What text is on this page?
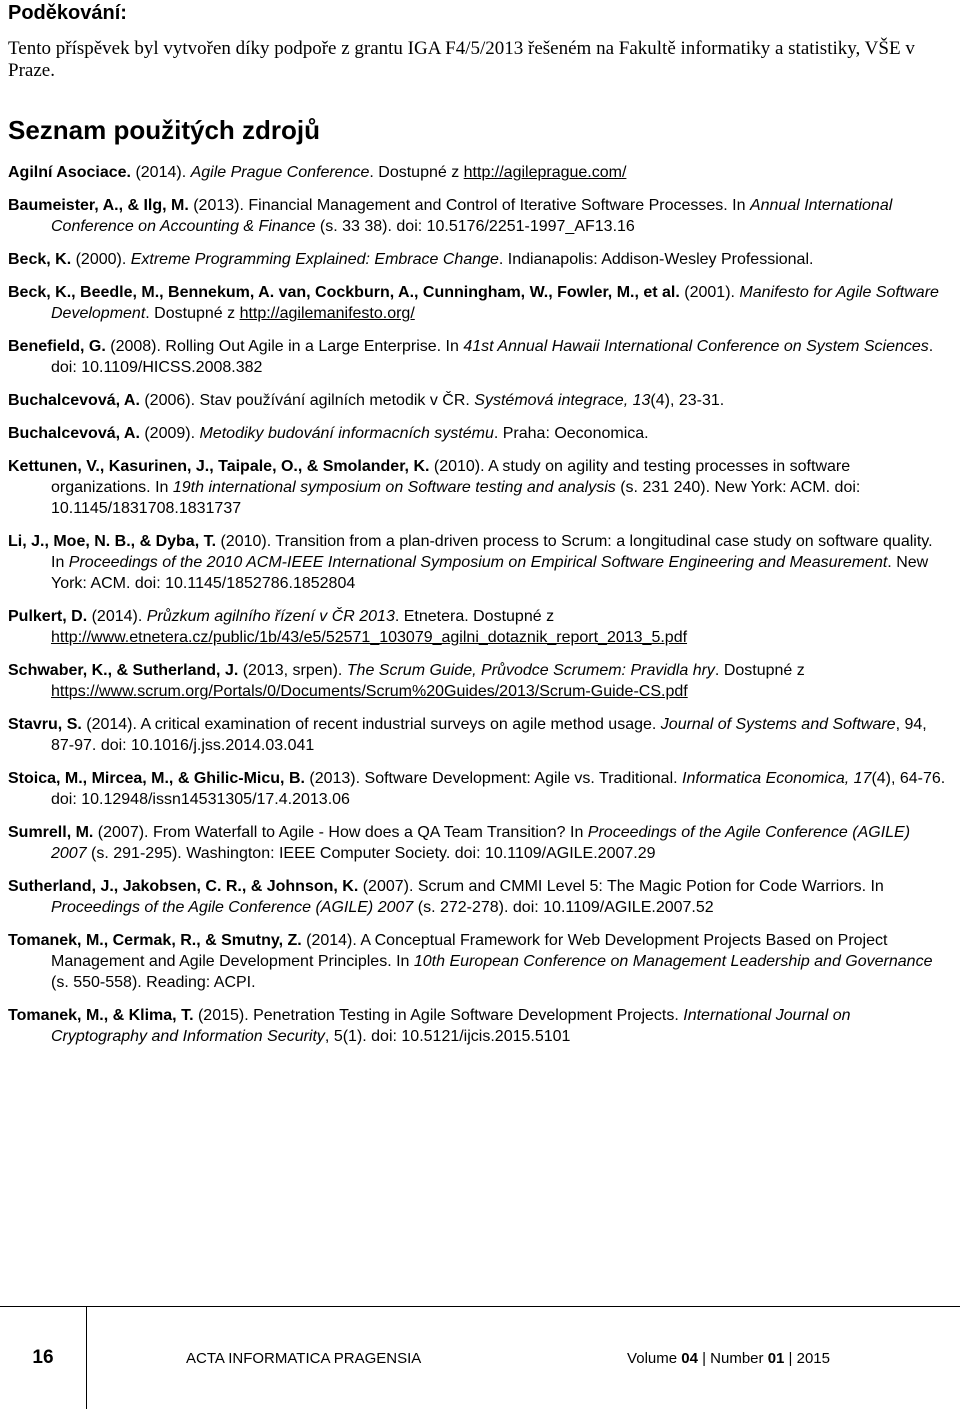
Poděkování:

Tento příspěvek byl vytvořen díky podpoře z grantu IGA F4/5/2013 řešeném na Fakultě informatiky a statistiky, VŠE v Praze.

Seznam použitých zdrojů

Agilní Asociace. (2014). Agile Prague Conference. Dostupné z http://agileprague.com/

Baumeister, A., & Ilg, M. (2013). Financial Management and Control of Iterative Software Processes. In Annual International Conference on Accounting & Finance (s. 33 38). doi: 10.5176/2251-1997_AF13.16

Beck, K. (2000). Extreme Programming Explained: Embrace Change. Indianapolis: Addison-Wesley Professional.

Beck, K., Beedle, M., Bennekum, A. van, Cockburn, A., Cunningham, W., Fowler, M., et al. (2001). Manifesto for Agile Software Development. Dostupné z http://agilemanifesto.org/

Benefield, G. (2008). Rolling Out Agile in a Large Enterprise. In 41st Annual Hawaii International Conference on System Sciences. doi: 10.1109/HICSS.2008.382

Buchalcevová, A. (2006). Stav používání agilních metodik v ČR. Systémová integrace, 13(4), 23-31.

Buchalcevová, A. (2009). Metodiky budování informacních systému. Praha: Oeconomica.

Kettunen, V., Kasurinen, J., Taipale, O., & Smolander, K. (2010). A study on agility and testing processes in software organizations. In 19th international symposium on Software testing and analysis (s. 231 240). New York: ACM. doi: 10.1145/1831708.1831737

Li, J., Moe, N. B., & Dyba, T. (2010). Transition from a plan-driven process to Scrum: a longitudinal case study on software quality. In Proceedings of the 2010 ACM-IEEE International Symposium on Empirical Software Engineering and Measurement. New York: ACM. doi: 10.1145/1852786.1852804

Pulkert, D. (2014). Průzkum agilního řízení v ČR 2013. Etnetera. Dostupné z http://www.etnetera.cz/public/1b/43/e5/52571_103079_agilni_dotaznik_report_2013_5.pdf

Schwaber, K., & Sutherland, J. (2013, srpen). The Scrum Guide, Průvodce Scrumem: Pravidla hry. Dostupné z https://www.scrum.org/Portals/0/Documents/Scrum%20Guides/2013/Scrum-Guide-CS.pdf

Stavru, S. (2014). A critical examination of recent industrial surveys on agile method usage. Journal of Systems and Software, 94, 87-97. doi: 10.1016/j.jss.2014.03.041

Stoica, M., Mircea, M., & Ghilic-Micu, B. (2013). Software Development: Agile vs. Traditional. Informatica Economica, 17(4), 64-76. doi: 10.12948/issn14531305/17.4.2013.06

Sumrell, M. (2007). From Waterfall to Agile - How does a QA Team Transition? In Proceedings of the Agile Conference (AGILE) 2007 (s. 291-295). Washington: IEEE Computer Society. doi: 10.1109/AGILE.2007.29

Sutherland, J., Jakobsen, C. R., & Johnson, K. (2007). Scrum and CMMI Level 5: The Magic Potion for Code Warriors. In Proceedings of the Agile Conference (AGILE) 2007 (s. 272-278). doi: 10.1109/AGILE.2007.52

Tomanek, M., Cermak, R., & Smutny, Z. (2014). A Conceptual Framework for Web Development Projects Based on Project Management and Agile Development Principles. In 10th European Conference on Management Leadership and Governance (s. 550-558). Reading: ACPI.

Tomanek, M., & Klima, T. (2015). Penetration Testing in Agile Software Development Projects. International Journal on Cryptography and Information Security, 5(1). doi: 10.5121/ijcis.2015.5101

16	ACTA INFORMATICA PRAGENSIA	Volume 04 | Number 01 | 2015
